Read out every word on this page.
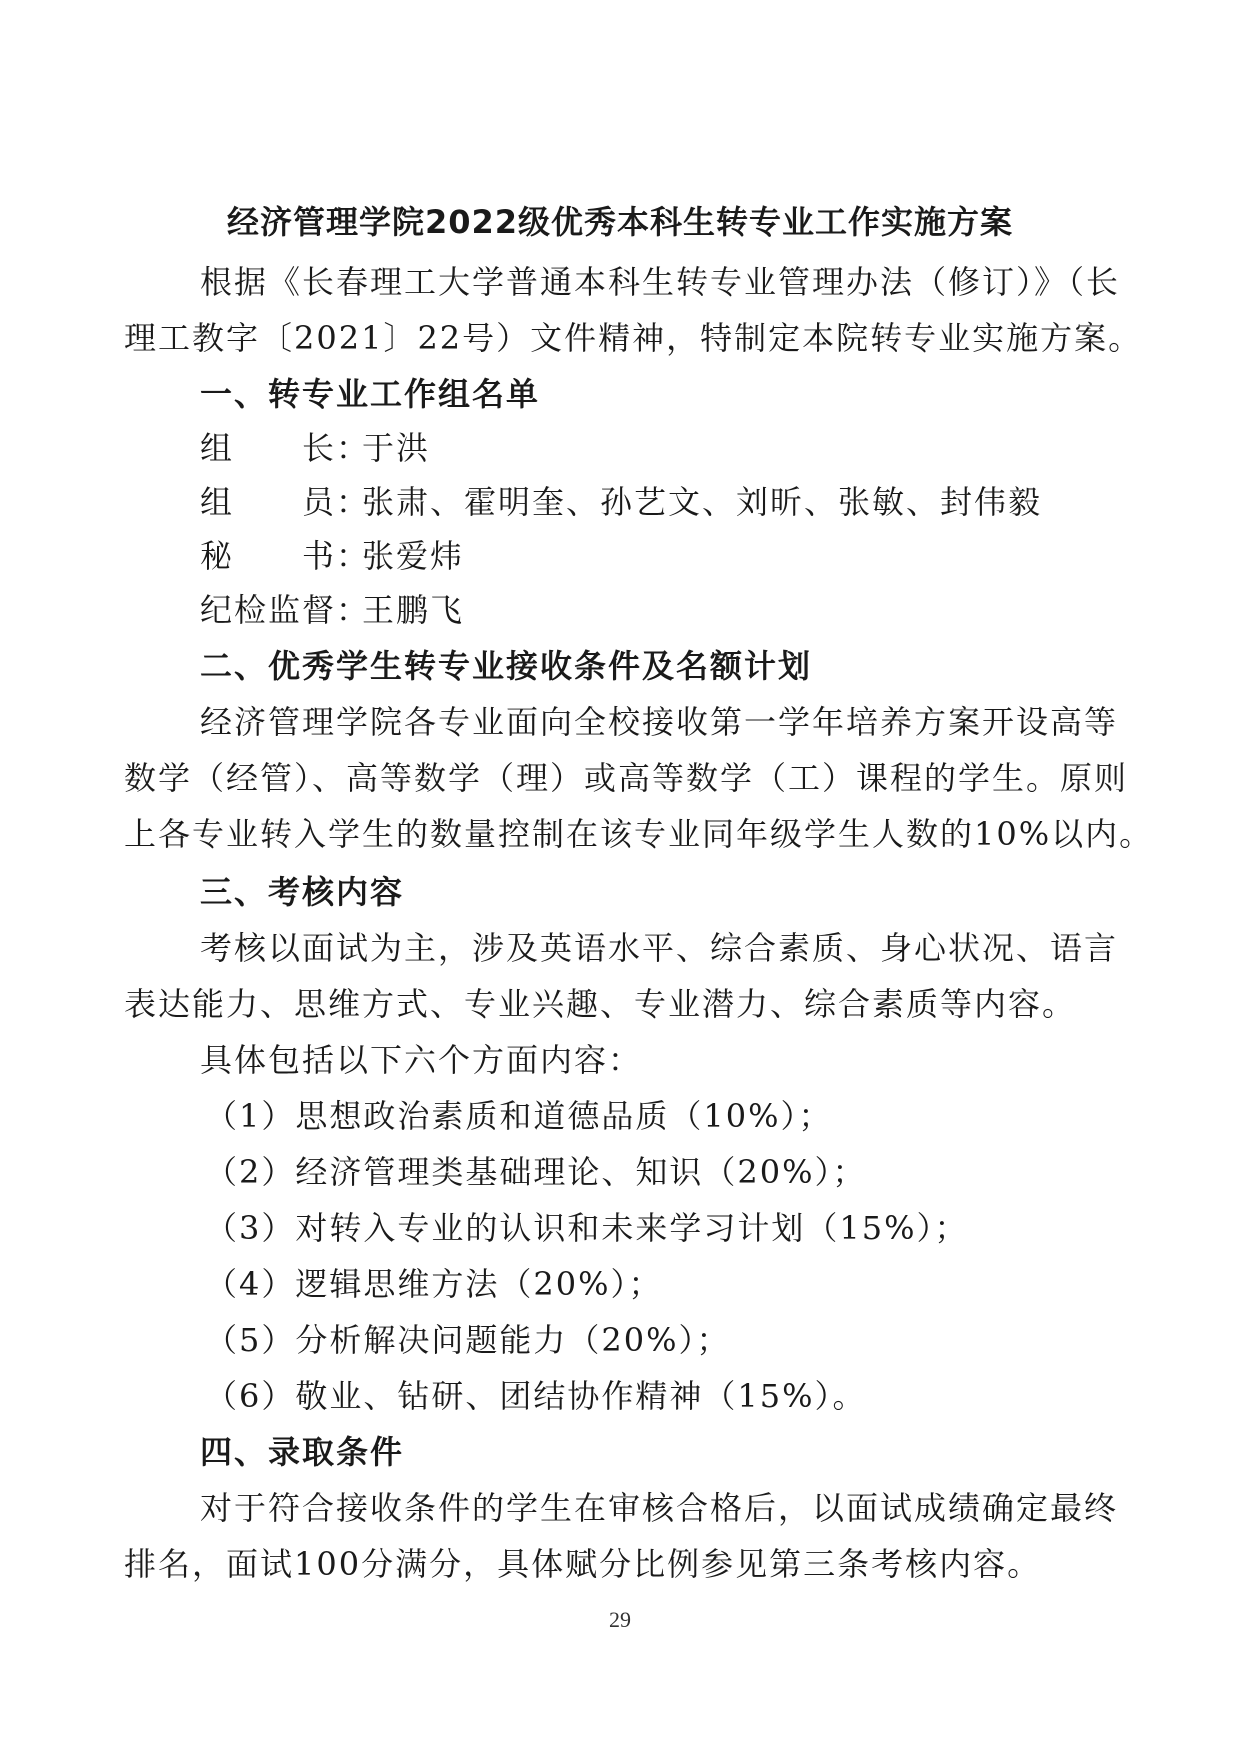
经济管理学院2022级优秀本科生转专业工作实施方案
根据《长春理工大学普通本科生转专业管理办法（修订）》（长
理工教字〔2021〕22号）文件精神，特制定本院转专业实施方案。
一、转专业工作组名单
组 长 ：
于洪
组 员 ：
张肃、霍明奎、孙艺文、刘昕、张敏、封伟毅
秘 书 ：
张爱炜
纪检监督 ：
王鹏飞
二、优秀学生转专业接收条件及名额计划
经济管理学院各专业面向全校接收第一学年培养方案开设高等
数学（经管）、高等数学（理）或高等数学（工）课程的学生。原则
上各专业转入学生的数量控制在该专业同年级学生人数的10%以内。
三、考核内容
考核以面试为主，涉及英语水平、综合素质、身心状况、语言
表达能力、思维方式、专业兴趣、专业潜力、综合素质等内容。
具体包括以下六个方面内容：
（1）思想政治素质和道德品质（10%）；
（2）经济管理类基础理论、知识（20%）；
（3）对转入专业的认识和未来学习计划（15%）；
（4）逻辑思维方法（20%）；
（5）分析解决问题能力（20%）；
（6）敬业、钻研、团结协作精神（15%）。
四、录取条件
对于符合接收条件的学生在审核合格后，以面试成绩确定最终
排名，面试100分满分，具体赋分比例参见第三条考核内容。
29
